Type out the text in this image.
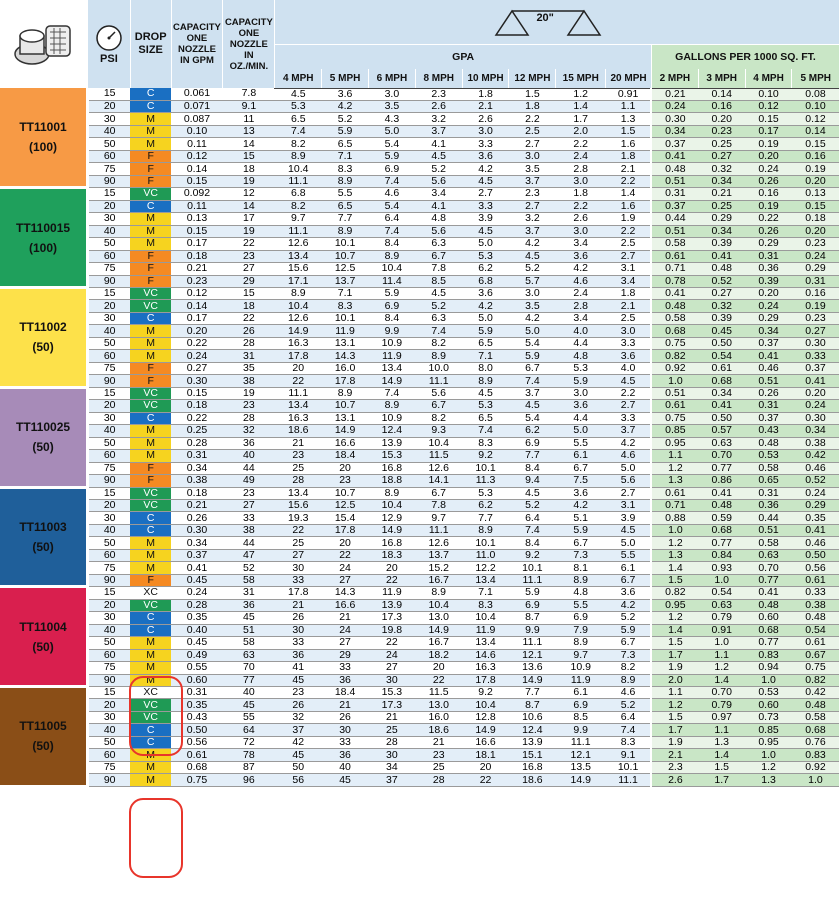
PSI	DROP SIZE	CAPACITY ONE NOZZLE IN GPM	CAPACITY ONE NOZZLE IN OZ./MIN.	20"											

					GPA								GALLONS PER 1000 SQ. FT.			
					4 MPH	5 MPH	6 MPH	8 MPH	10 MPH	12 MPH	15 MPH	20 MPH	2 MPH	3 MPH	4 MPH	5 MPH

TT11001
(100)	15	C	0.061	7.8	4.5	3.6	3.0	2.3	1.8	1.5	1.2	0.91	0.21	0.14	0.10	0.08
	20	C	0.071	9.1	5.3	4.2	3.5	2.6	2.1	1.8	1.4	1.1	0.24	0.16	0.12	0.10
	30	M	0.087	11	6.5	5.2	4.3	3.2	2.6	2.2	1.7	1.3	0.30	0.20	0.15	0.12
	40	M	0.10	13	7.4	5.9	5.0	3.7	3.0	2.5	2.0	1.5	0.34	0.23	0.17	0.14
	50	M	0.11	14	8.2	6.5	5.4	4.1	3.3	2.7	2.2	1.6	0.37	0.25	0.19	0.15
	60	F	0.12	15	8.9	7.1	5.9	4.5	3.6	3.0	2.4	1.8	0.41	0.27	0.20	0.16
	75	F	0.14	18	10.4	8.3	6.9	5.2	4.2	3.5	2.8	2.1	0.48	0.32	0.24	0.19
	90	F	0.15	19	11.1	8.9	7.4	5.6	4.5	3.7	3.0	2.2	0.51	0.34	0.26	0.20

TT110015
(100)	15	VC	0.092	12	6.8	5.5	4.6	3.4	2.7	2.3	1.8	1.4	0.31	0.21	0.16	0.13
	20	C	0.11	14	8.2	6.5	5.4	4.1	3.3	2.7	2.2	1.6	0.37	0.25	0.19	0.15
	30	M	0.13	17	9.7	7.7	6.4	4.8	3.9	3.2	2.6	1.9	0.44	0.29	0.22	0.18
	40	M	0.15	19	11.1	8.9	7.4	5.6	4.5	3.7	3.0	2.2	0.51	0.34	0.26	0.20
	50	M	0.17	22	12.6	10.1	8.4	6.3	5.0	4.2	3.4	2.5	0.58	0.39	0.29	0.23
	60	F	0.18	23	13.4	10.7	8.9	6.7	5.3	4.5	3.6	2.7	0.61	0.41	0.31	0.24
	75	F	0.21	27	15.6	12.5	10.4	7.8	6.2	5.2	4.2	3.1	0.71	0.48	0.36	0.29
	90	F	0.23	29	17.1	13.7	11.4	8.5	6.8	5.7	4.6	3.4	0.78	0.52	0.39	0.31

TT11002
(50)	15	VC	0.12	15	8.9	7.1	5.9	4.5	3.6	3.0	2.4	1.8	0.41	0.27	0.20	0.16
	20	VC	0.14	18	10.4	8.3	6.9	5.2	4.2	3.5	2.8	2.1	0.48	0.32	0.24	0.19
	30	C	0.17	22	12.6	10.1	8.4	6.3	5.0	4.2	3.4	2.5	0.58	0.39	0.29	0.23
	40	M	0.20	26	14.9	11.9	9.9	7.4	5.9	5.0	4.0	3.0	0.68	0.45	0.34	0.27
	50	M	0.22	28	16.3	13.1	10.9	8.2	6.5	5.4	4.4	3.3	0.75	0.50	0.37	0.30
	60	M	0.24	31	17.8	14.3	11.9	8.9	7.1	5.9	4.8	3.6	0.82	0.54	0.41	0.33
	75	F	0.27	35	20	16.0	13.4	10.0	8.0	6.7	5.3	4.0	0.92	0.61	0.46	0.37
	90	F	0.30	38	22	17.8	14.9	11.1	8.9	7.4	5.9	4.5	1.0	0.68	0.51	0.41

TT110025
(50)	15	VC	0.15	19	11.1	8.9	7.4	5.6	4.5	3.7	3.0	2.2	0.51	0.34	0.26	0.20
	20	VC	0.18	23	13.4	10.7	8.9	6.7	5.3	4.5	3.6	2.7	0.61	0.41	0.31	0.24
	30	C	0.22	28	16.3	13.1	10.9	8.2	6.5	5.4	4.4	3.3	0.75	0.50	0.37	0.30
	40	M	0.25	32	18.6	14.9	12.4	9.3	7.4	6.2	5.0	3.7	0.85	0.57	0.43	0.34
	50	M	0.28	36	21	16.6	13.9	10.4	8.3	6.9	5.5	4.2	0.95	0.63	0.48	0.38
	60	M	0.31	40	23	18.4	15.3	11.5	9.2	7.7	6.1	4.6	1.1	0.70	0.53	0.42
	75	F	0.34	44	25	20	16.8	12.6	10.1	8.4	6.7	5.0	1.2	0.77	0.58	0.46
	90	F	0.38	49	28	23	18.8	14.1	11.3	9.4	7.5	5.6	1.3	0.86	0.65	0.52

TT11003
(50)	15	VC	0.18	23	13.4	10.7	8.9	6.7	5.3	4.5	3.6	2.7	0.61	0.41	0.31	0.24
	20	VC	0.21	27	15.6	12.5	10.4	7.8	6.2	5.2	4.2	3.1	0.71	0.48	0.36	0.29
	30	C	0.26	33	19.3	15.4	12.9	9.7	7.7	6.4	5.1	3.9	0.88	0.59	0.44	0.35
	40	C	0.30	38	22	17.8	14.9	11.1	8.9	7.4	5.9	4.5	1.0	0.68	0.51	0.41
	50	M	0.34	44	25	20	16.8	12.6	10.1	8.4	6.7	5.0	1.2	0.77	0.58	0.46
	60	M	0.37	47	27	22	18.3	13.7	11.0	9.2	7.3	5.5	1.3	0.84	0.63	0.50
	75	M	0.41	52	30	24	20	15.2	12.2	10.1	8.1	6.1	1.4	0.93	0.70	0.56
	90	F	0.45	58	33	27	22	16.7	13.4	11.1	8.9	6.7	1.5	1.0	0.77	0.61

TT11004
(50)	15	XC	0.24	31	17.8	14.3	11.9	8.9	7.1	5.9	4.8	3.6	0.82	0.54	0.41	0.33
	20	VC	0.28	36	21	16.6	13.9	10.4	8.3	6.9	5.5	4.2	0.95	0.63	0.48	0.38
	30	C	0.35	45	26	21	17.3	13.0	10.4	8.7	6.9	5.2	1.2	0.79	0.60	0.48
	40	C	0.40	51	30	24	19.8	14.9	11.9	9.9	7.9	5.9	1.4	0.91	0.68	0.54
	50	M	0.45	58	33	27	22	16.7	13.4	11.1	8.9	6.7	1.5	1.0	0.77	0.61
	60	M	0.49	63	36	29	24	18.2	14.6	12.1	9.7	7.3	1.7	1.1	0.83	0.67
	75	M	0.55	70	41	33	27	20	16.3	13.6	10.9	8.2	1.9	1.2	0.94	0.75
	90	M	0.60	77	45	36	30	22	17.8	14.9	11.9	8.9	2.0	1.4	1.0	0.82

TT11005
(50)	15	XC	0.31	40	23	18.4	15.3	11.5	9.2	7.7	6.1	4.6	1.1	0.70	0.53	0.42
	20	VC	0.35	45	26	21	17.3	13.0	10.4	8.7	6.9	5.2	1.2	0.79	0.60	0.48
	30	VC	0.43	55	32	26	21	16.0	12.8	10.6	8.5	6.4	1.5	0.97	0.73	0.58
	40	C	0.50	64	37	30	25	18.6	14.9	12.4	9.9	7.4	1.7	1.1	0.85	0.68
	50	C	0.56	72	42	33	28	21	16.6	13.9	11.1	8.3	1.9	1.3	0.95	0.76
	60	M	0.61	78	45	36	30	23	18.1	15.1	12.1	9.1	2.1	1.4	1.0	0.83
	75	M	0.68	87	50	40	34	25	20	16.8	13.5	10.1	2.3	1.5	1.2	0.92
	90	M	0.75	96	56	45	37	28	22	18.6	14.9	11.1	2.6	1.7	1.3	1.0
